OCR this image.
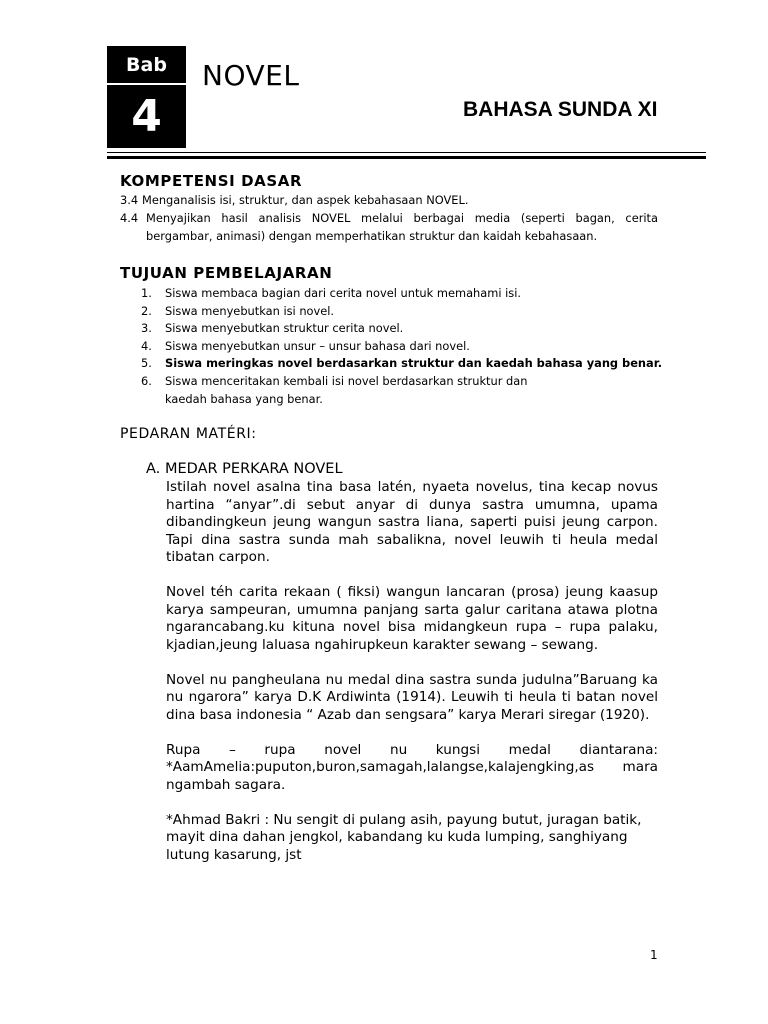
Bab
4
NOVEL
BAHASA SUNDA XI
KOMPETENSI DASAR
3.4 Menganalisis isi, struktur, dan aspek kebahasaan NOVEL.
4.4 Menyajikan hasil analisis NOVEL melalui berbagai media (seperti bagan, cerita
bergambar, animasi) dengan memperhatikan struktur dan kaidah kebahasaan.
TUJUAN PEMBELAJARAN
1.	Siswa membaca bagian dari cerita novel untuk memahami isi.
2.	Siswa menyebutkan isi novel.
3.	Siswa menyebutkan struktur cerita novel.
4.	Siswa menyebutkan unsur – unsur bahasa dari novel.
5.	Siswa meringkas novel berdasarkan struktur dan kaedah bahasa yang benar.
6.	Siswa menceritakan kembali isi novel berdasarkan struktur dan kaedah bahasa yang benar.
PEDARAN MATÉRI:
A. MEDAR PERKARA NOVEL

Istilah novel asalna tina basa latén, nyaeta novelus, tina kecap novus hartina “anyar”.di sebut anyar di dunya sastra umumna, upama dibandingkeun jeung wangun sastra liana, saperti puisi jeung carpon. Tapi dina sastra sunda mah sabalikna, novel leuwih ti heula medal tibatan carpon.

Novel téh carita rekaan ( fiksi) wangun lancaran (prosa) jeung kaasup karya sampeuran, umumna panjang sarta galur caritana atawa plotna ngarancabang.ku kituna novel bisa midangkeun rupa – rupa palaku, kjadian,jeung laluasa ngahirupkeun karakter sewang – sewang.

Novel nu pangheulana nu medal dina sastra sunda judulna”Baruang ka nu ngarora” karya D.K Ardiwinta (1914). Leuwih ti heula ti batan novel dina basa indonesia “ Azab dan sengsara” karya Merari siregar (1920).

Rupa – rupa novel nu kungsi medal diantarana: *AamAmelia:puputon,buron,samagah,lalangse,kalajengking,as mara ngambah sagara.

*Ahmad Bakri : Nu sengit di pulang asih, payung butut, juragan batik, mayit dina dahan jengkol, kabandang ku kuda lumping, sanghiyang lutung kasarung, jst

1
